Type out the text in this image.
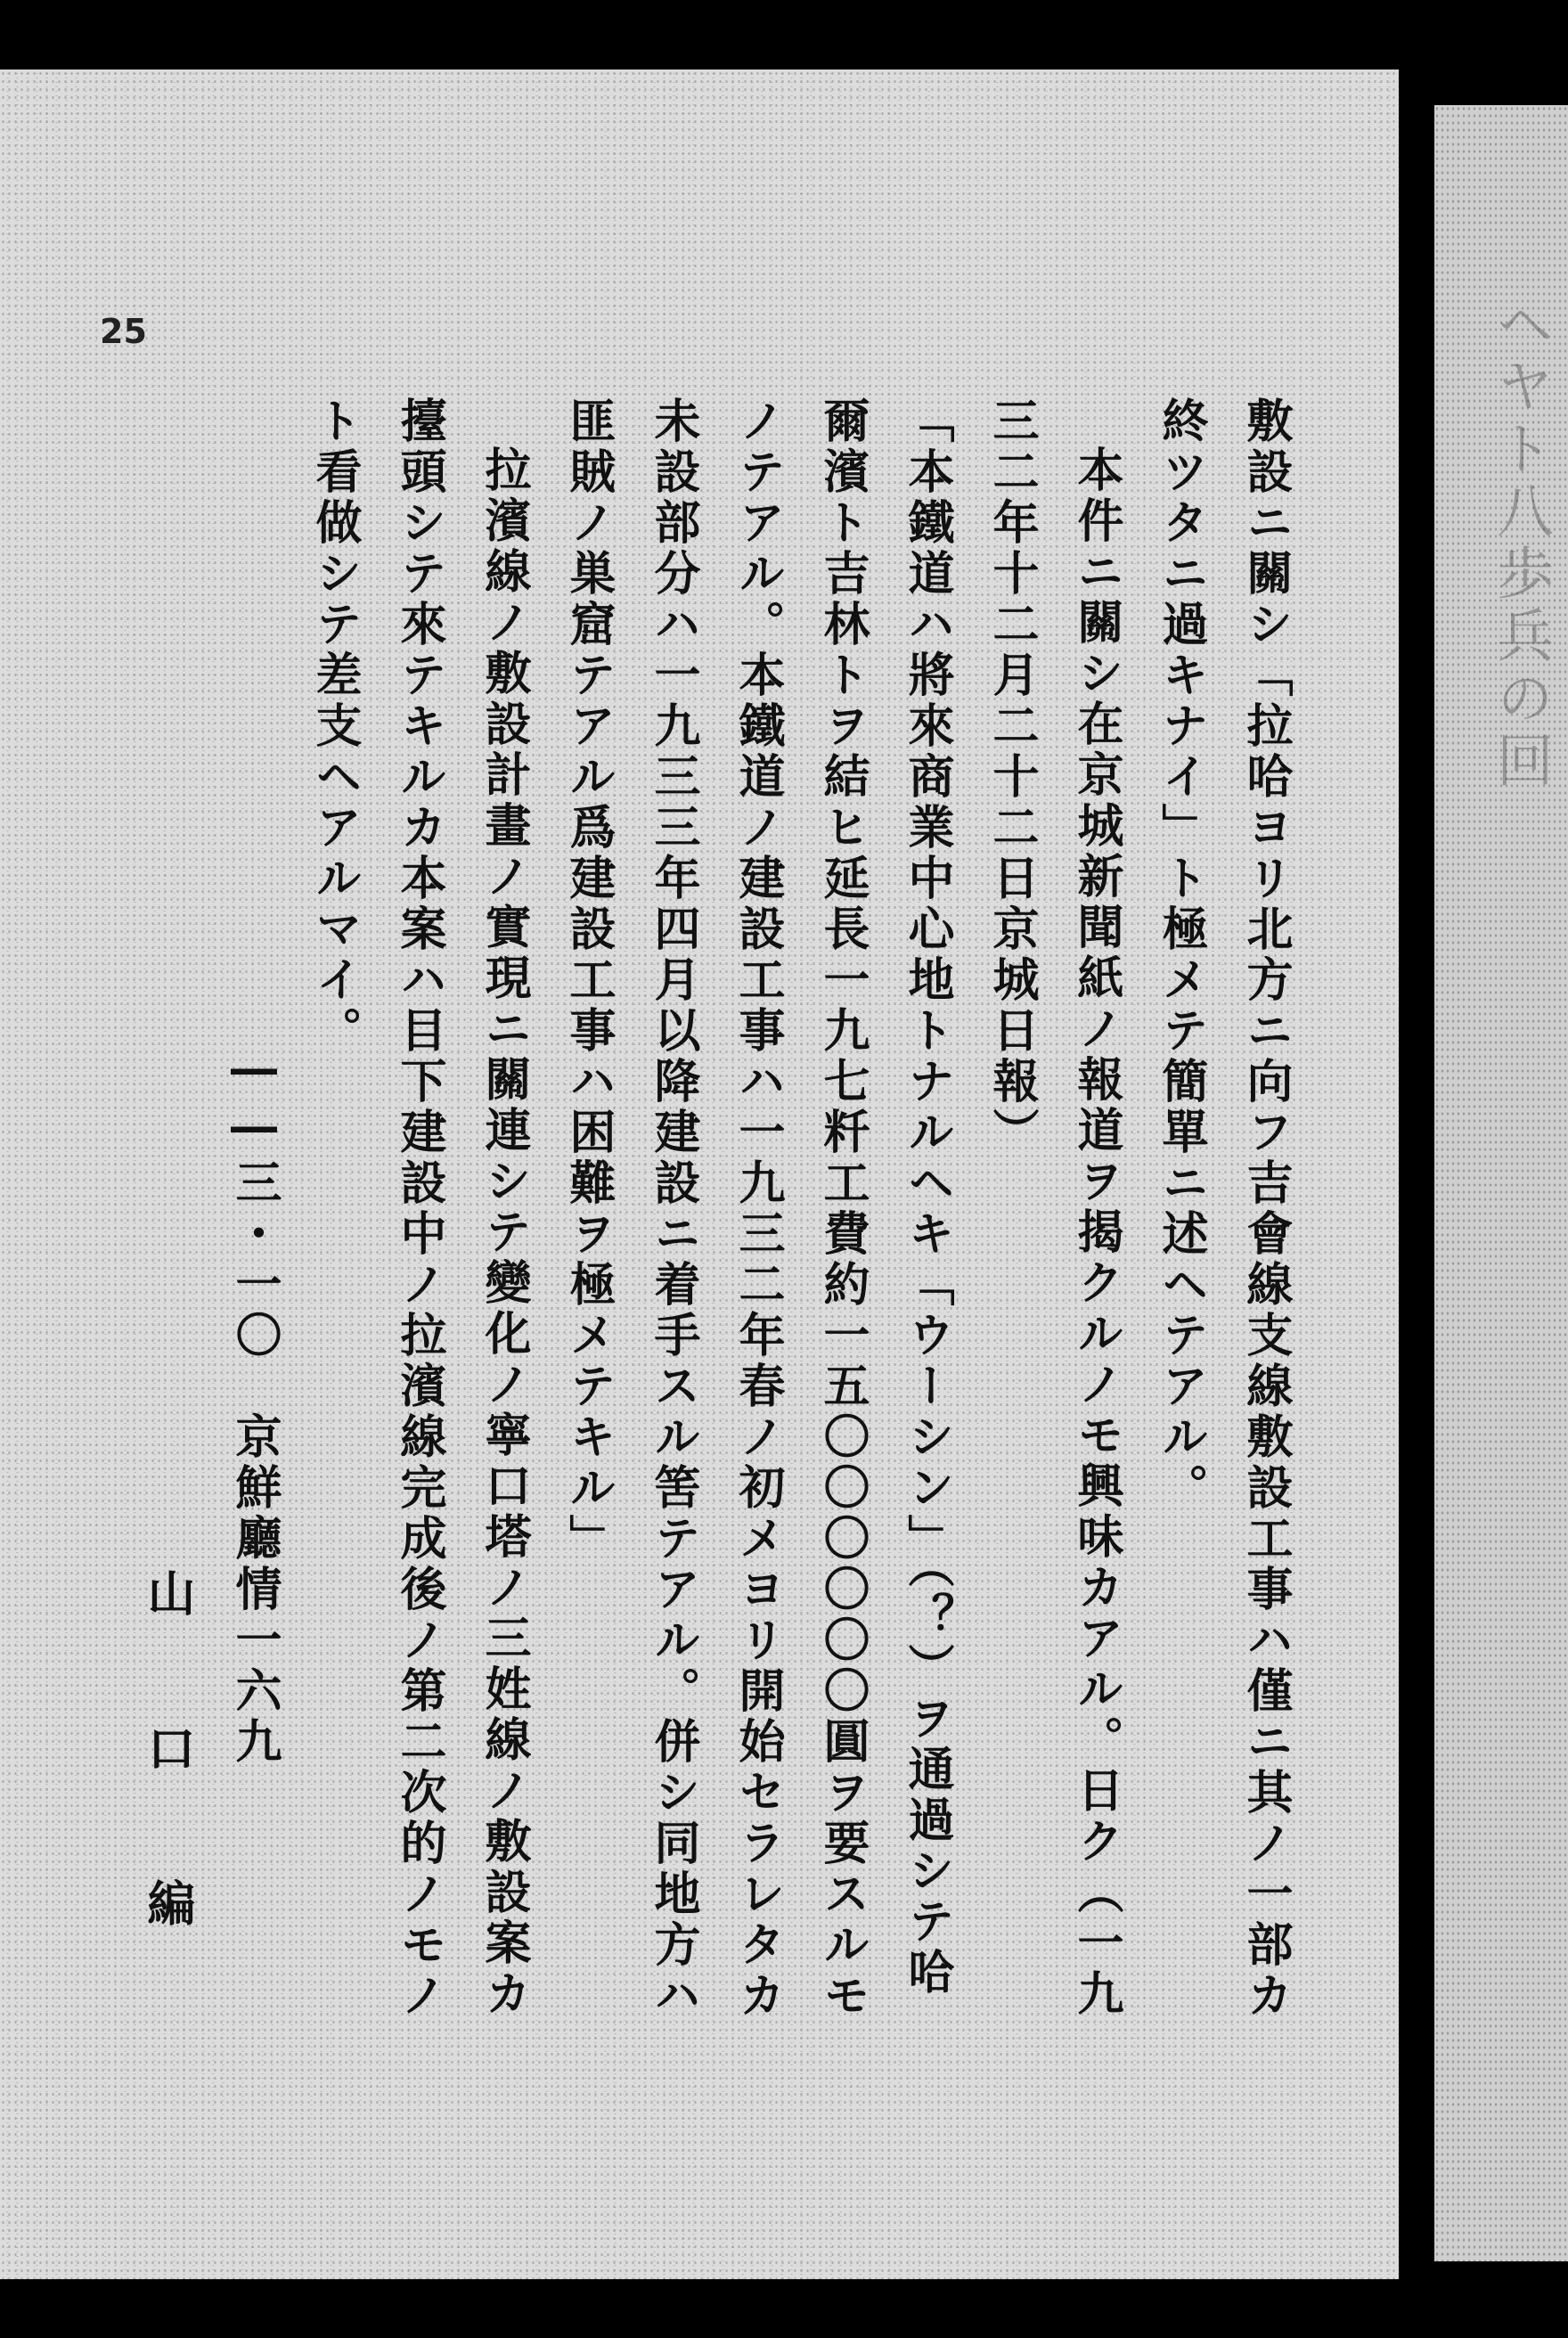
ヘヤト八歩兵の回
25
敷設ニ關シ「拉哈ヨリ北方ニ向フ吉會線支線敷設工事ハ僅ニ其ノ一部カ
終ツタニ過キナイ」ト極メテ簡單ニ述ヘテアル。
本件ニ關シ在京城新聞紙ノ報道ヲ揭クルノモ興味カアル。日ク（一九
三二年十二月二十二日京城日報）
「本鐵道ハ將來商業中心地トナルヘキ「ウーシン」（？）ヲ通過シテ哈
爾濱ト吉林トヲ結ヒ延長一九七粁工費約一五〇〇〇〇〇〇圓ヲ要スルモ
ノテアル。本鐵道ノ建設工事ハ一九三二年春ノ初メヨリ開始セラレタカ
未設部分ハ一九三三年四月以降建設ニ着手スル筈テアル。併シ同地方ハ
匪賊ノ巣窟テアル爲建設工事ハ困難ヲ極メテキル」
拉濱線ノ敷設計畫ノ實現ニ關連シテ變化ノ寧口塔ノ三姓線ノ敷設案カ
擡頭シテ來テキルカ本案ハ目下建設中ノ拉濱線完成後ノ第二次的ノモノ
ト看做シテ差支ヘアルマイ。
――三・一〇　京鮮廳情一六九
山口編
